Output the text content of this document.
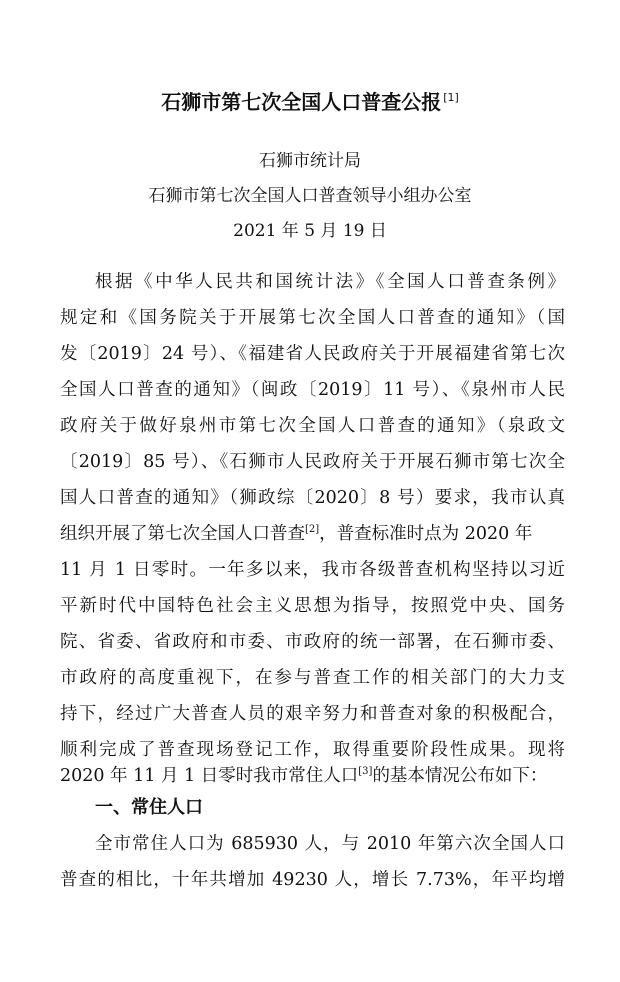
石狮市第七次全国人口普查公报 [1]
石狮市统计局
石狮市第七次全国人口普查领导小组办公室
2021 年 5 月 19 日
根据《中华人民共和国统计法》《全国人口普查条例》
规定和《国务院关于开展第七次全国人口普查的通知》（国
发〔2019〕24 号）、《福建省人民政府关于开展福建省第七次
全国人口普查的通知》（闽政〔2019〕11 号）、《泉州市人民
政府关于做好泉州市第七次全国人口普查的通知》（泉政文
〔2019〕85 号）、《石狮市人民政府关于开展石狮市第七次全
国人口普查的通知》（狮政综〔2020〕8 号）要求，我市认真
组织开展了第七次全国人口普查[2]，普查标准时点为 2020 年
11 月 1 日零时。一年多以来，我市各级普查机构坚持以习近
平新时代中国特色社会主义思想为指导，按照党中央、国务
院、省委、省政府和市委、市政府的统一部署，在石狮市委、
市政府的高度重视下，在参与普查工作的相关部门的大力支
持下，经过广大普查人员的艰辛努力和普查对象的积极配合，
顺利完成了普查现场登记工作，取得重要阶段性成果。现将
2020 年 11 月 1 日零时我市常住人口[3]的基本情况公布如下：
一、常住人口
全市常住人口为 685930 人，与 2010 年第六次全国人口
普查的相比，十年共增加 49230 人，增长 7.73%，年平均增
